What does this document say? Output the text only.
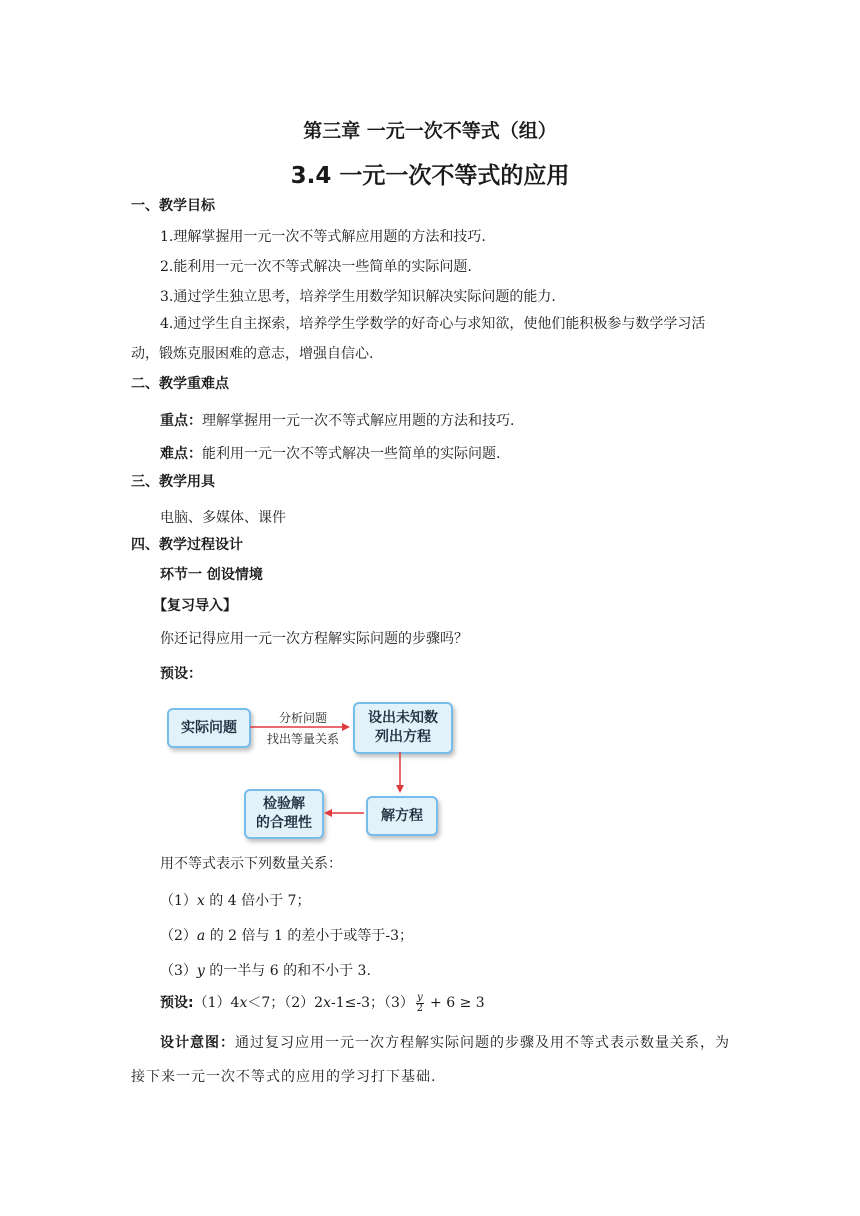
第三章 一元一次不等式（组）
3.4 一元一次不等式的应用
一、教学目标
1.理解掌握用一元一次不等式解应用题的方法和技巧.
2.能利用一元一次不等式解决一些简单的实际问题.
3.通过学生独立思考，培养学生用数学知识解决实际问题的能力.
4.通过学生自主探索，培养学生学数学的好奇心与求知欲，使他们能积极参与数学学习活动，锻炼克服困难的意志，增强自信心.
二、教学重难点
重点：理解掌握用一元一次不等式解应用题的方法和技巧.
难点：能利用一元一次不等式解决一些简单的实际问题.
三、教学用具
电脑、多媒体、课件
四、教学过程设计
环节一 创设情境
【复习导入】
你还记得应用一元一次方程解实际问题的步骤吗？
预设：
实际问题
设出未知数
列出方程
解方程
检验解
的合理性
分析问题
找出等量关系
用不等式表示下列数量关系：
（1）x 的 4 倍小于 7；
（2）a 的 2 倍与 1 的差小于或等于-3；
（3）y 的一半与 6 的和不小于 3.
预设:（1）4x＜7；（2）2x-1≤-3；$(3) \frac{y}{2} + 6 \ge 3$
设计意图：通过复习应用一元一次方程解实际问题的步骤及用不等式表示数量关系，为接下来一元一次不等式的应用的学习打下基础.
